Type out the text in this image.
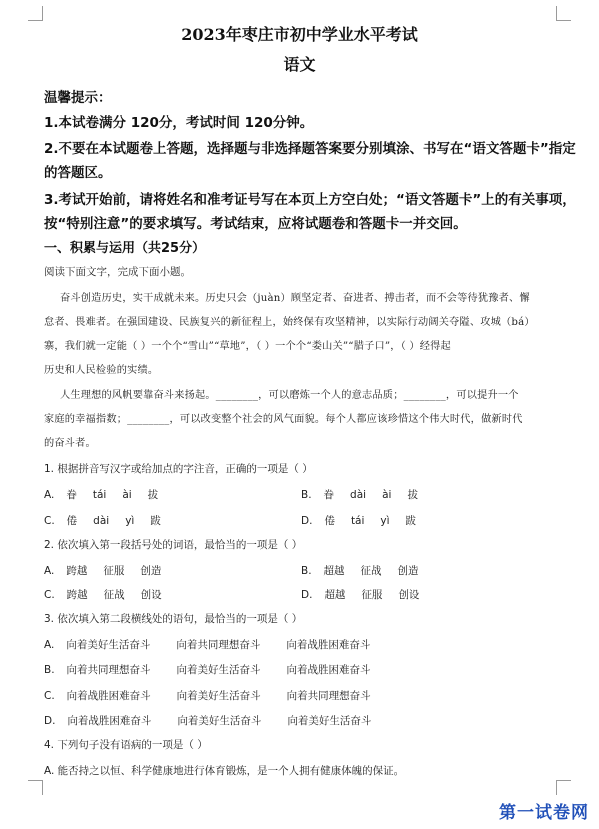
2023年枣庄市初中学业水平考试
语文
温馨提示：
1.本试卷满分 120分，考试时间 120分钟。
2.不要在本试题卷上答题，选择题与非选择题答案要分别填涂、书写在“语文答题卡”指定
的答题区。
3.考试开始前，请将姓名和准考证号写在本页上方空白处；“语文答题卡”上的有关事项，
按“特别注意”的要求填写。考试结束，应将试题卷和答题卡一并交回。
一、积累与运用（共25分）
阅读下面文字，完成下面小题。
奋斗创造历史，实干成就未来。历史只会（juàn）顾坚定者、奋进者、搏击者，而不会等待犹豫者、懈
怠者、畏难者。在强国建设、民族复兴的新征程上，始终保有攻坚精神，以实际行动阔关夺隘、攻城（bá）
寨，我们就一定能（ ）一个个“雪山”“草地”，（ ）一个个“娄山关”“腊子口”，（ ）经得起
历史和人民检验的实绩。
人生理想的风帆要靠奋斗来扬起。________，可以磨炼一个人的意志品质；________，可以提升一个
家庭的幸福指数；________，可以改变整个社会的风气面貌。每个人都应该珍惜这个伟大时代，做新时代
的奋斗者。
1. 根据拼音写汉字或给加点的字注音，正确的一项是（ ）
A. 眷 tái ài 拔	B. 眷 dài ài 拔
C. 倦 dài yì 跋	D. 倦 tái yì 跋
2. 依次填入第一段括号处的词语，最恰当的一项是（ ）
A. 跨越 征服 创造	B. 超越 征战 创造
C. 跨越 征战 创设	D. 超越 征服 创设
3. 依次填入第二段横线处的语句，最恰当的一项是（ ）
A. 向着美好生活奋斗 向着共同理想奋斗 向着战胜困难奋斗
B. 向着共同理想奋斗 向着美好生活奋斗 向着战胜困难奋斗
C. 向着战胜困难奋斗 向着美好生活奋斗 向着共同理想奋斗
D. 向着战胜困难奋斗 向着美好生活奋斗 向着美好生活奋斗
4. 下列句子没有语病的一项是（ ）
A. 能否持之以恒、科学健康地进行体育锻炼，是一个人拥有健康体魄的保证。
第一试卷网
